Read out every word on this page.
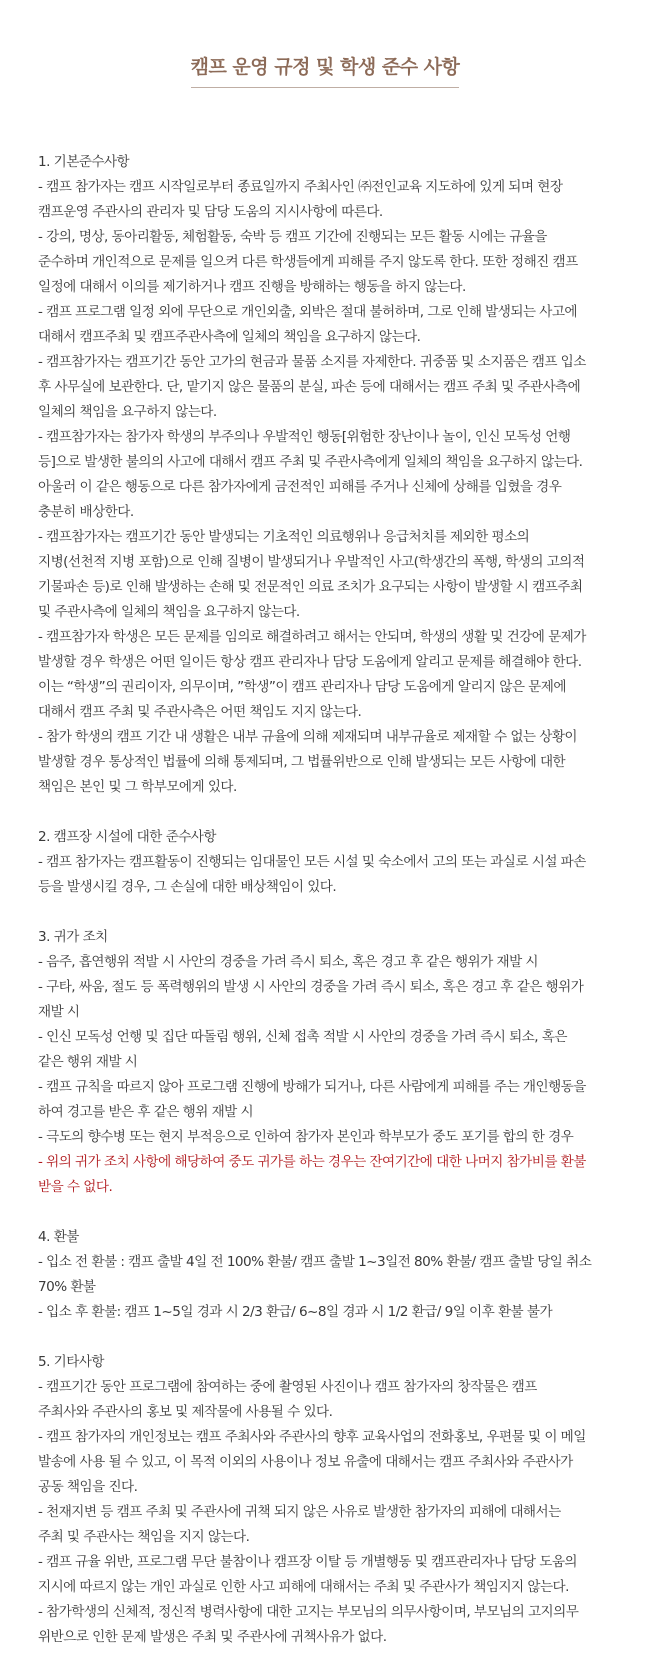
캠프 운영 규정 및 학생 준수 사항
1. 기본준수사항
- 캠프 참가자는 캠프 시작일로부터 종료일까지 주최사인 ㈜전인교육 지도하에 있게 되며 현장
캠프운영 주관사의 관리자 및 담당 도움의 지시사항에 따른다.
- 강의, 명상, 동아리활동, 체험활동, 숙박 등 캠프 기간에 진행되는 모든 활동 시에는 규율을
준수하며 개인적으로 문제를 일으켜 다른 학생들에게 피해를 주지 않도록 한다. 또한 정해진 캠프
일정에 대해서 이의를 제기하거나 캠프 진행을 방해하는 행동을 하지 않는다.
- 캠프 프로그램 일정 외에 무단으로 개인외출, 외박은 절대 불허하며, 그로 인해 발생되는 사고에
대해서 캠프주최 및 캠프주관사측에 일체의 책임을 요구하지 않는다.
- 캠프참가자는 캠프기간 동안 고가의 현금과 물품 소지를 자제한다. 귀중품 및 소지품은 캠프 입소
후 사무실에 보관한다. 단, 맡기지 않은 물품의 분실, 파손 등에 대해서는 캠프 주최 및 주관사측에
일체의 책임을 요구하지 않는다.
- 캠프참가자는 참가자 학생의 부주의나 우발적인 행동[위험한 장난이나 놀이, 인신 모독성 언행
등]으로 발생한 불의의 사고에 대해서 캠프 주최 및 주관사측에게 일체의 책임을 요구하지 않는다.
아울러 이 같은 행동으로 다른 참가자에게 금전적인 피해를 주거나 신체에 상해를 입혔을 경우
충분히 배상한다.
- 캠프참가자는 캠프기간 동안 발생되는 기초적인 의료행위나 응급처치를 제외한 평소의
지병(선천적 지병 포함)으로 인해 질병이 발생되거나 우발적인 사고(학생간의 폭행, 학생의 고의적
기물파손 등)로 인해 발생하는 손해 및 전문적인 의료 조치가 요구되는 사항이 발생할 시 캠프주최
및 주관사측에 일체의 책임을 요구하지 않는다.
- 캠프참가자 학생은 모든 문제를 임의로 해결하려고 해서는 안되며, 학생의 생활 및 건강에 문제가
발생할 경우 학생은 어떤 일이든 항상 캠프 관리자나 담당 도움에게 알리고 문제를 해결해야 한다.
이는 “학생”의 권리이자, 의무이며, ”학생”이 캠프 관리자나 담당 도움에게 알리지 않은 문제에
대해서 캠프 주최 및 주관사측은 어떤 책임도 지지 않는다.
- 참가 학생의 캠프 기간 내 생활은 내부 규율에 의해 제재되며 내부규율로 제재할 수 없는 상황이
발생할 경우 통상적인 법률에 의해 통제되며, 그 법률위반으로 인해 발생되는 모든 사항에 대한
책임은 본인 및 그 학부모에게 있다.
2. 캠프장 시설에 대한 준수사항
- 캠프 참가자는 캠프활동이 진행되는 임대물인 모든 시설 및 숙소에서 고의 또는 과실로 시설 파손
등을 발생시킬 경우, 그 손실에 대한 배상책임이 있다.
3. 귀가 조치
- 음주, 흡연행위 적발 시 사안의 경중을 가려 즉시 퇴소, 혹은 경고 후 같은 행위가 재발 시
- 구타, 싸움, 절도 등 폭력행위의 발생 시 사안의 경중을 가려 즉시 퇴소, 혹은 경고 후 같은 행위가
재발 시
- 인신 모독성 언행 및 집단 따돌림 행위, 신체 접촉 적발 시 사안의 경중을 가려 즉시 퇴소, 혹은
같은 행위 재발 시
- 캠프 규칙을 따르지 않아 프로그램 진행에 방해가 되거나, 다른 사람에게 피해를 주는 개인행동을
하여 경고를 받은 후 같은 행위 재발 시
- 극도의 향수병 또는 현지 부적응으로 인하여 참가자 본인과 학부모가 중도 포기를 합의 한 경우
- 위의 귀가 조치 사항에 해당하여 중도 귀가를 하는 경우는 잔여기간에 대한 나머지 참가비를 환불
받을 수 없다.
4. 환불
- 입소 전 환불 : 캠프 출발 4일 전 100% 환불/ 캠프 출발 1~3일전 80% 환불/ 캠프 출발 당일 취소
70% 환불
- 입소 후 환불: 캠프 1~5일 경과 시 2/3 환급/ 6~8일 경과 시 1/2 환급/ 9일 이후 환불 불가
5. 기타사항
- 캠프기간 동안 프로그램에 참여하는 중에 촬영된 사진이나 캠프 참가자의 창작물은 캠프
주최사와 주관사의 홍보 및 제작물에 사용될 수 있다.
- 캠프 참가자의 개인정보는 캠프 주최사와 주관사의 향후 교육사업의 전화홍보, 우편물 및 이 메일
발송에 사용 될 수 있고, 이 목적 이외의 사용이나 정보 유출에 대해서는 캠프 주최사와 주관사가
공동 책임을 진다.
- 천재지변 등 캠프 주최 및 주관사에 귀책 되지 않은 사유로 발생한 참가자의 피해에 대해서는
주최 및 주관사는 책임을 지지 않는다.
- 캠프 규율 위반, 프로그램 무단 불참이나 캠프장 이탈 등 개별행동 및 캠프관리자나 담당 도움의
지시에 따르지 않는 개인 과실로 인한 사고 피해에 대해서는 주최 및 주관사가 책임지지 않는다.
- 참가학생의 신체적, 정신적 병력사항에 대한 고지는 부모님의 의무사항이며, 부모님의 고지의무
위반으로 인한 문제 발생은 주최 및 주관사에 귀책사유가 없다.
